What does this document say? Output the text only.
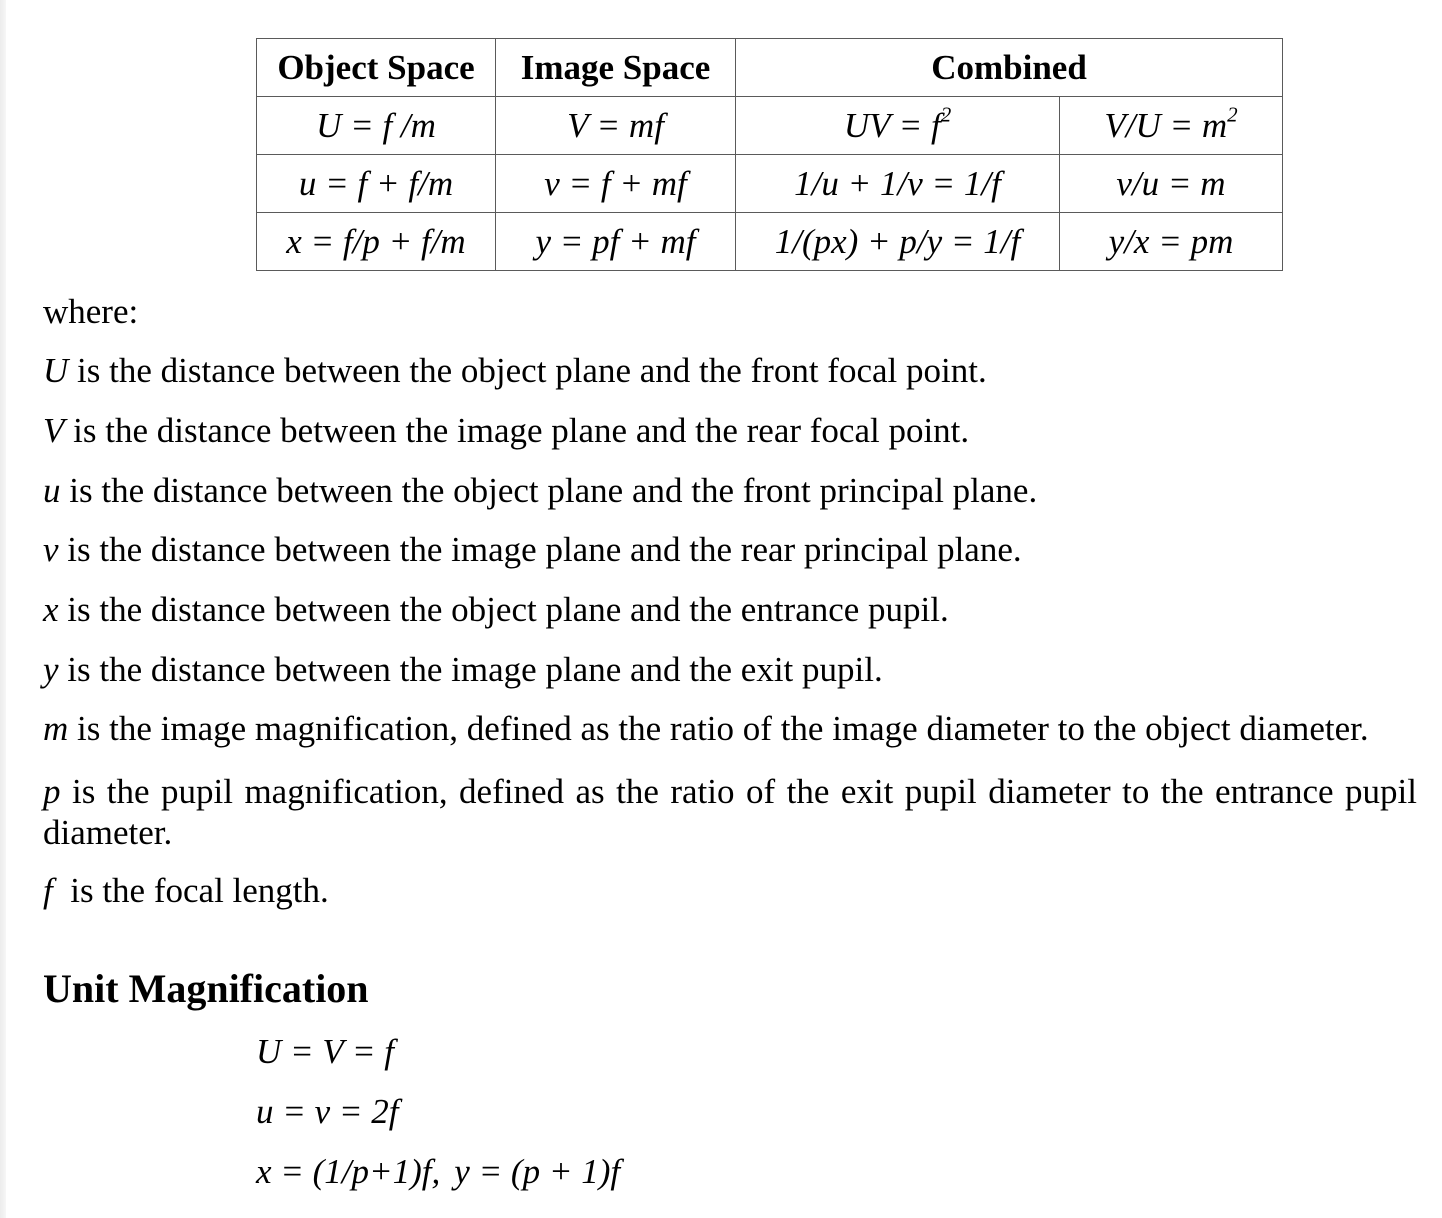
Object Space	Image Space	Combined	
U = f /m	V = mf	UV = $f^2$	$V/U = m^2$
u = f + f/m	v = f + mf	1/u + 1/v = 1/f	v/u = m
x = f/p + f/m	y = pf + mf	1/(px) + p/y = 1/f	y/x = pm
where:
U is the distance between the object plane and the front focal point.
V is the distance between the image plane and the rear focal point.
u is the distance between the object plane and the front principal plane.
v is the distance between the image plane and the rear principal plane.
x is the distance between the object plane and the entrance pupil.
y is the distance between the image plane and the exit pupil.
m is the image magnification, defined as the ratio of the image diameter to the object diameter.
p is the pupil magnification, defined as the ratio of the exit pupil diameter to the entrance pupil diameter.
f  is the focal length.
Unit Magnification
U = V = f
u = v = 2f
x = (1/p+1)f, y = (p + 1)f
